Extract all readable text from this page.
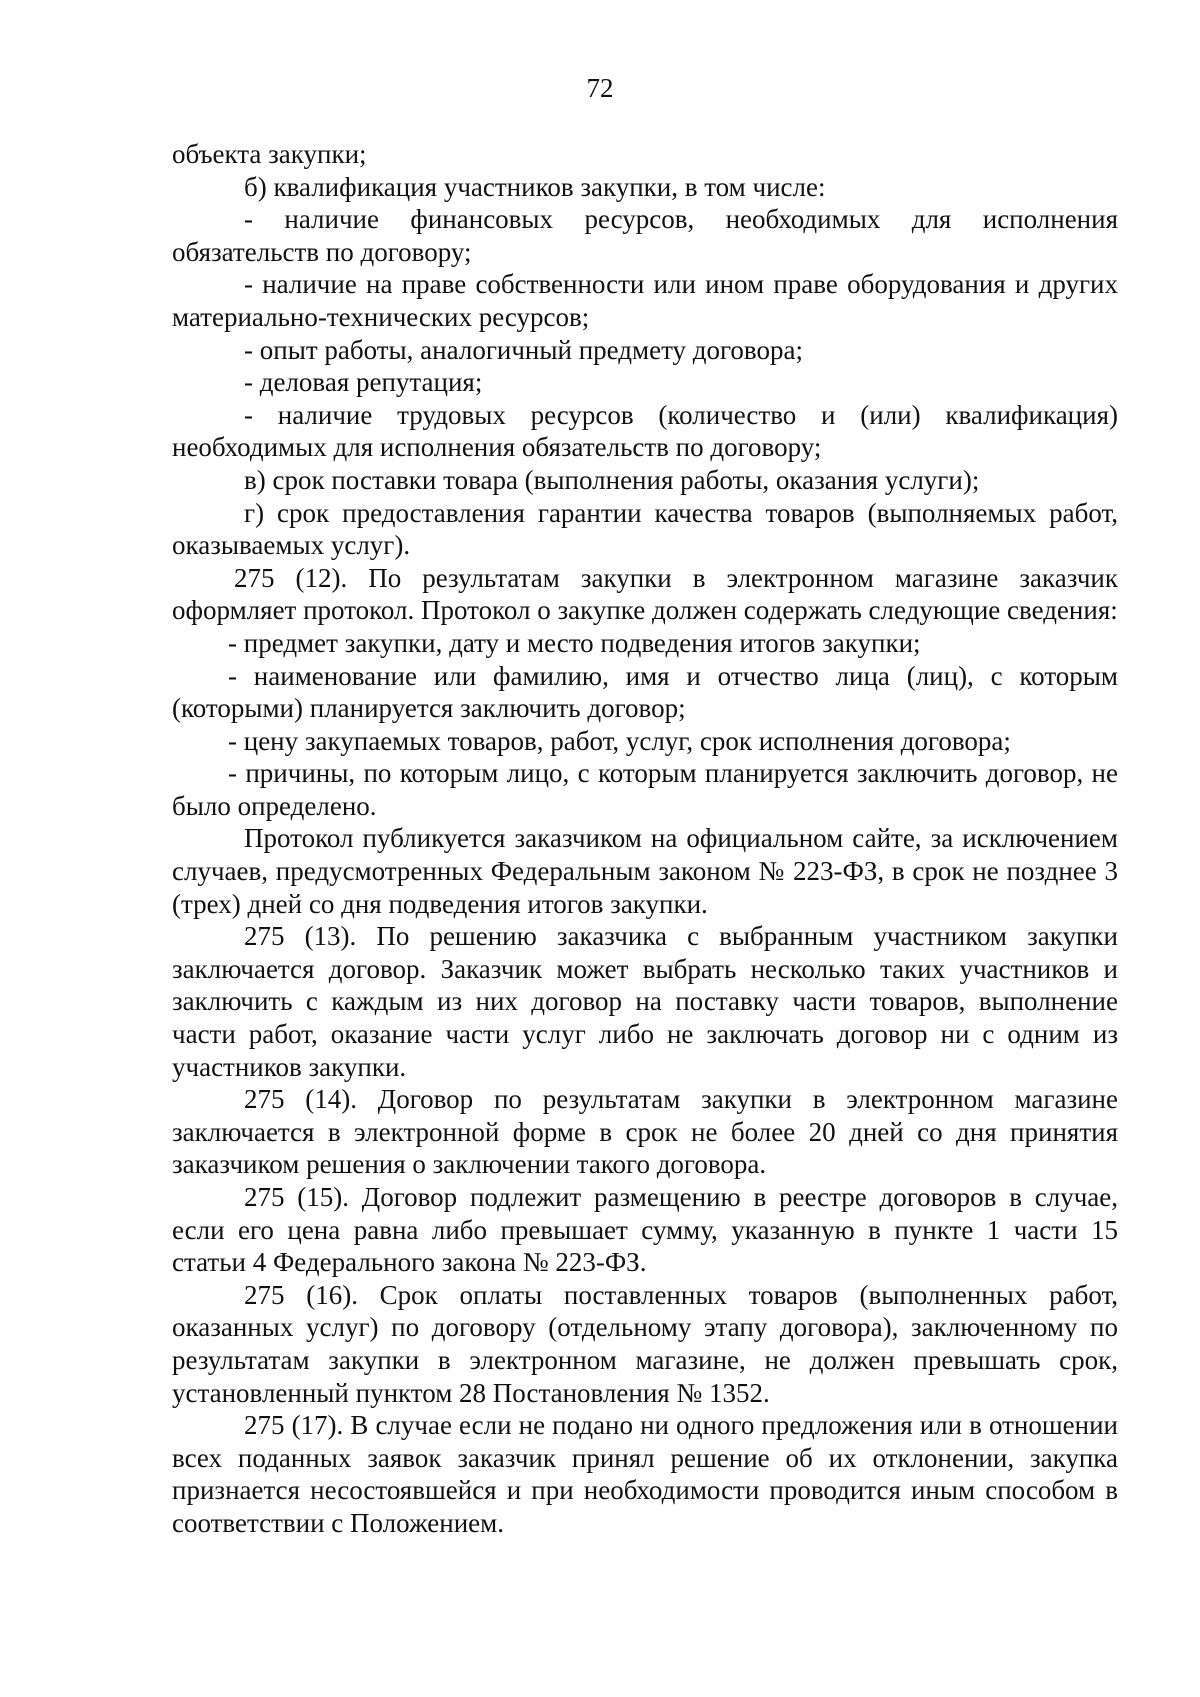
72

объекта закупки;

б) квалификация участников закупки, в том числе:

- наличие финансовых ресурсов, необходимых для исполнения обязательств по договору;

- наличие на праве собственности или ином праве оборудования и других материально-технических ресурсов;

- опыт работы, аналогичный предмету договора;

- деловая репутация;

- наличие трудовых ресурсов (количество и (или) квалификация) необходимых для исполнения обязательств по договору;

в) срок поставки товара (выполнения работы, оказания услуги);

г) срок предоставления гарантии качества товаров (выполняемых работ, оказываемых услуг).

275 (12). По результатам закупки в электронном магазине заказчик оформляет протокол. Протокол о закупке должен содержать следующие сведения:

- предмет закупки, дату и место подведения итогов закупки;

- наименование или фамилию, имя и отчество лица (лиц), с которым (которыми) планируется заключить договор;

- цену закупаемых товаров, работ, услуг, срок исполнения договора;

- причины, по которым лицо, с которым планируется заключить договор, не было определено.

Протокол публикуется заказчиком на официальном сайте, за исключением случаев, предусмотренных Федеральным законом № 223-ФЗ, в срок не позднее 3 (трех) дней со дня подведения итогов закупки.

275 (13). По решению заказчика с выбранным участником закупки заключается договор. Заказчик может выбрать несколько таких участников и заключить с каждым из них договор на поставку части товаров, выполнение части работ, оказание части услуг либо не заключать договор ни с одним из участников закупки.

275 (14). Договор по результатам закупки в электронном магазине заключается в электронной форме в срок не более 20 дней со дня принятия заказчиком решения о заключении такого договора.

275 (15). Договор подлежит размещению в реестре договоров в случае, если его цена равна либо превышает сумму, указанную в пункте 1 части 15 статьи 4 Федерального закона № 223-ФЗ.

275 (16). Срок оплаты поставленных товаров (выполненных работ, оказанных услуг) по договору (отдельному этапу договора), заключенному по результатам закупки в электронном магазине, не должен превышать срок, установленный пунктом 28 Постановления № 1352.

275 (17). В случае если не подано ни одного предложения или в отношении всех поданных заявок заказчик принял решение об их отклонении, закупка признается несостоявшейся и при необходимости проводится иным способом в соответствии с Положением.
